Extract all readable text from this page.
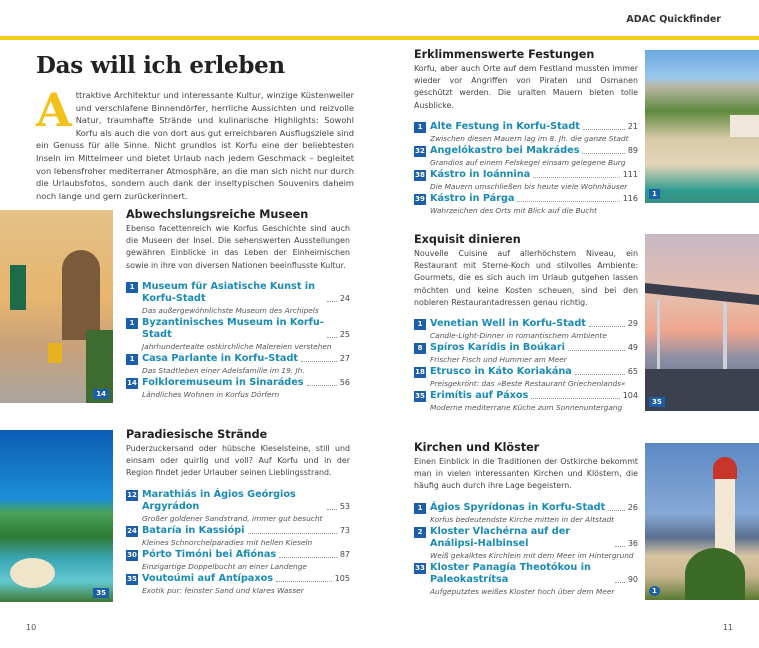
ADAC Quickfinder
Das will ich erleben
Attraktive Architektur und interessante Kultur, winzige Küstenweiler und verschlafene Binnendörfer, herrliche Aussichten und reizvolle Natur, traumhafte Strände und kulinarische Highlights: Sowohl Korfu als auch die von dort aus gut erreichbaren Ausflugsziele sind ein Genuss für alle Sinne. Nicht grundlos ist Korfu eine der beliebtesten Inseln im Mittelmeer und bietet Urlaub nach jedem Geschmack – begleitet von lebensfroher mediterraner Atmosphäre, an die man sich nicht nur durch die Urlaubsfotos, sondern auch dank der inseltypischen Souvenirs daheim noch lange und gern zurückerinnert.
14
35
1
35
1
Abwechslungsreiche Museen

Ebenso facettenreich wie Korfus Geschichte sind auch die Museen der Insel. Die sehenswerten Ausstellungen gewähren Einblicke in das Leben der Einheimischen sowie in ihre von diversen Nationen beeinflusste Kultur.

1 Museum für Asiatische Kunst in Korfu-Stadt	24
Das außergewöhnlichste Museum des Archipels
1 Byzantinisches Museum in Korfu-Stadt	25
Jahrhundertealte ostkirchliche Malereien verstehen
1 Casa Parlante in Korfu-Stadt	27
Das Stadtleben einer Adelsfamilie im 19. Jh.
14 Folkloremuseum in Sinarádes	56
Ländliches Wohnen in Korfus Dörfern
Paradiesische Strände

Puderzuckersand oder hübsche Kieselsteine, still und einsam oder quirlig und voll? Auf Korfu und in der Region findet jeder Urlauber seinen Lieblingsstrand.

12 Marathiás in Ágios Geórgios Argyrádon	53
Großer goldener Sandstrand, immer gut besucht
24 Bataría in Kassiópi	73
Kleines Schnorchelparadies mit hellen Kieseln
30 Pórto Timóni bei Afiónas	87
Einzigartige Doppelbucht an einer Landenge
35 Voutoúmi auf Antípaxos	105
Exotik pur: feinster Sand und klares Wasser
Erklimmenswerte Festungen

Korfu, aber auch Orte auf dem Festland mussten immer wieder vor Angriffen von Piraten und Osmanen geschützt werden. Die uralten Mauern bieten tolle Ausblicke.

1 Alte Festung in Korfu-Stadt	21
Zwischen diesen Mauern lag im 8. Jh. die ganze Stadt
32 Angelókastro bei Makrádes	89
Grandios auf einem Felskegel einsam gelegene Burg
38 Kástro in Ioánnina	111
Die Mauern umschließen bis heute viele Wohnhäuser
39 Kástro in Párga	116
Wahrzeichen des Orts mit Blick auf die Bucht
Exquisit dinieren

Nouvelle Cuisine auf allerhöchstem Niveau, ein Restaurant mit Sterne-Koch und stilvolles Ambiente: Gourmets, die es sich auch im Urlaub gutgehen lassen möchten und keine Kosten scheuen, sind bei den nobleren Restaurantadressen genau richtig.

1 Venetian Well in Korfu-Stadt	29
Candle-Light-Dinner in romantischem Ambiente
8 Spíros Karídis in Boúkari	49
Frischer Fisch und Hummer am Meer
18 Etrusco in Káto Koriakána	65
Preisgekrönt: das »Beste Restaurant Griechenlands«
35 Erimítis auf Páxos	104
Moderne mediterrane Küche zum Sonnenuntergang
Kirchen und Klöster

Einen Einblick in die Traditionen der Ostkirche bekommt man in vielen interessanten Kirchen und Klöstern, die häufig auch durch ihre Lage begeistern.

1 Ágios Spyrídonas in Korfu-Stadt	26
Korfus bedeutendste Kirche mitten in der Altstadt
2 Kloster Vlachérna auf der Análipsi-Halbinsel	36
Weiß gekalktes Kirchlein mit dem Meer im Hintergrund
33 Kloster Panagía Theotókou in Paleokastrítsa	90
Aufgeputztes weißes Kloster hoch über dem Meer
10	11
